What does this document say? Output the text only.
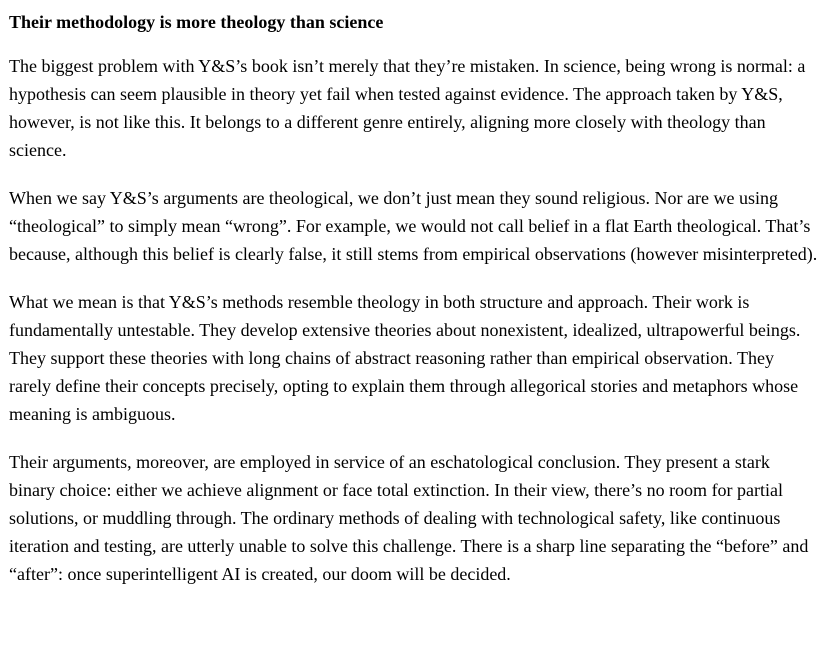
Their methodology is more theology than science

The biggest problem with Y&S’s book isn’t merely that they’re mistaken. In science, being wrong is normal: a hypothesis can seem plausible in theory yet fail when tested against evidence. The approach taken by Y&S, however, is not like this. It belongs to a different genre entirely, aligning more closely with theology than science.

When we say Y&S’s arguments are theological, we don’t just mean they sound religious. Nor are we using “theological” to simply mean “wrong”. For example, we would not call belief in a flat Earth theological. That’s because, although this belief is clearly false, it still stems from empirical observations (however misinterpreted).

What we mean is that Y&S’s methods resemble theology in both structure and approach. Their work is fundamentally untestable. They develop extensive theories about nonexistent, idealized, ultrapowerful beings. They support these theories with long chains of abstract reasoning rather than empirical observation. They rarely define their concepts precisely, opting to explain them through allegorical stories and metaphors whose meaning is ambiguous.

Their arguments, moreover, are employed in service of an eschatological conclusion. They present a stark binary choice: either we achieve alignment or face total extinction. In their view, there’s no room for partial solutions, or muddling through. The ordinary methods of dealing with technological safety, like continuous iteration and testing, are utterly unable to solve this challenge. There is a sharp line separating the “before” and “after”: once superintelligent AI is created, our doom will be decided.
